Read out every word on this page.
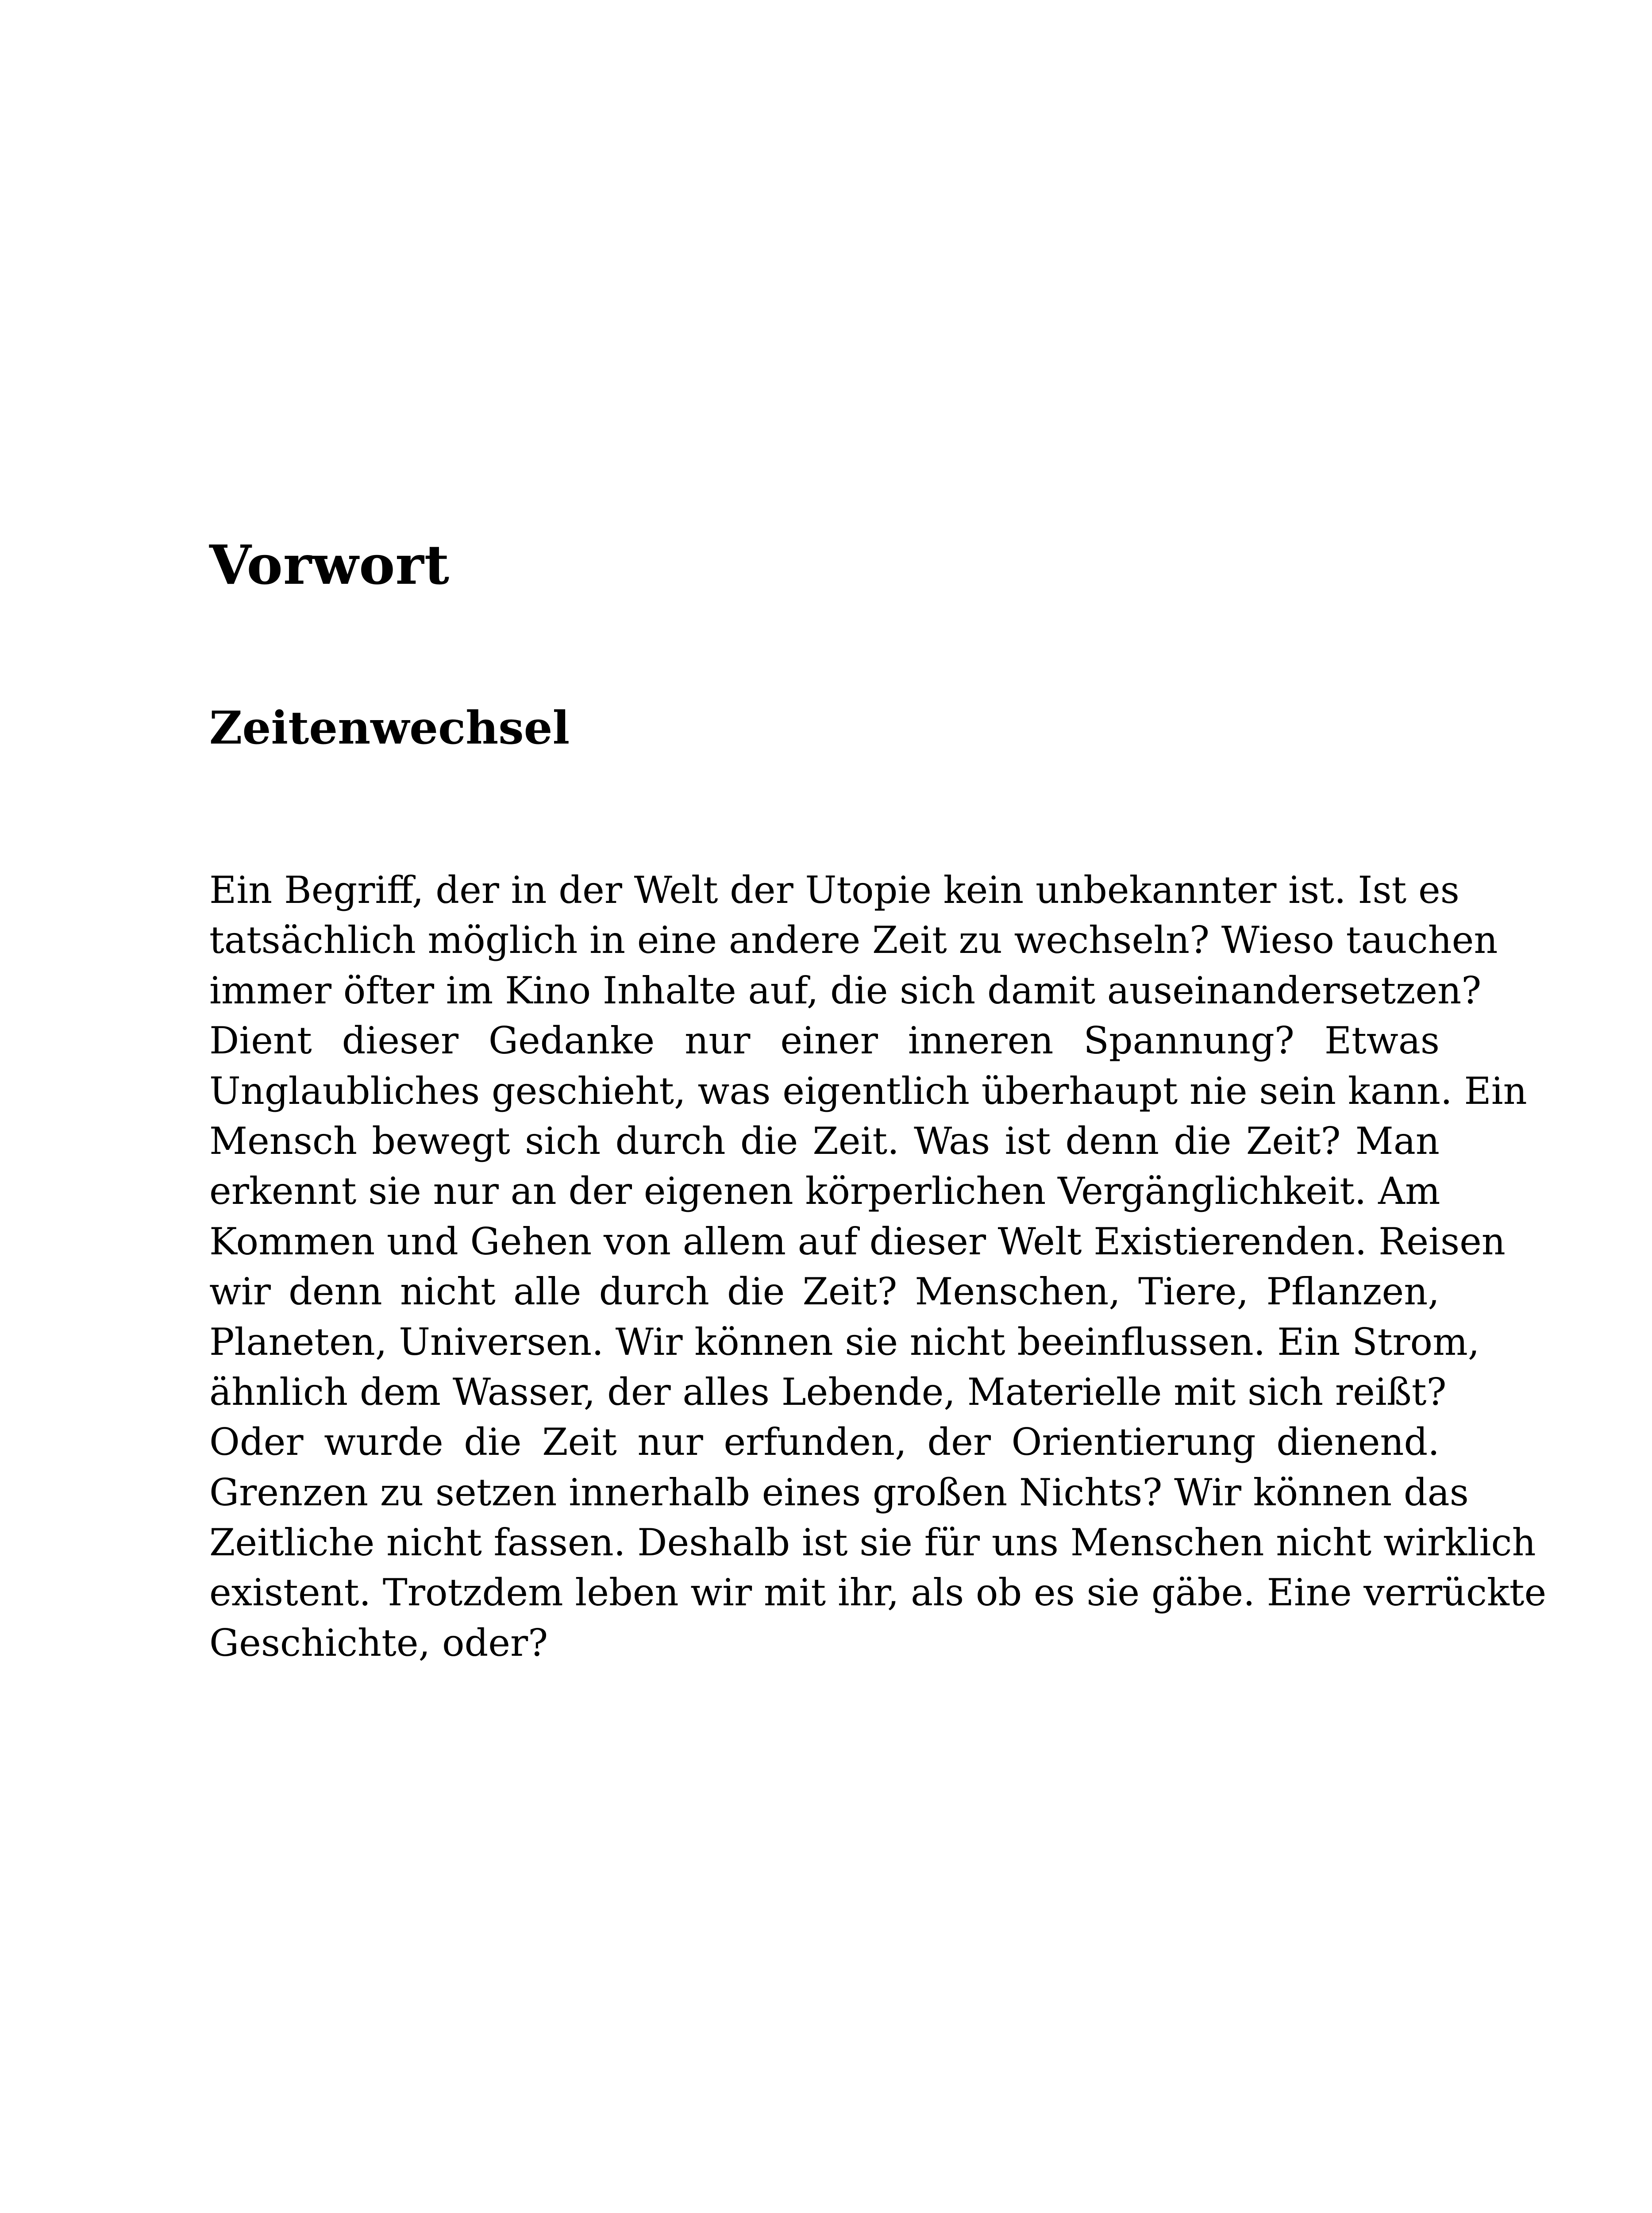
Vorwort
Zeitenwechsel
Ein Begriff, der in der Welt der Utopie kein unbekannter ist. Ist es
tatsächlich möglich in eine andere Zeit zu wechseln? Wieso tauchen
immer öfter im Kino Inhalte auf, die sich damit auseinandersetzen?
Dient dieser Gedanke nur einer inneren Spannung? Etwas
Unglaubliches geschieht, was eigentlich überhaupt nie sein kann. Ein
Mensch bewegt sich durch die Zeit. Was ist denn die Zeit? Man
erkennt sie nur an der eigenen körperlichen Vergänglichkeit. Am
Kommen und Gehen von allem auf dieser Welt Existierenden. Reisen
wir denn nicht alle durch die Zeit? Menschen, Tiere, Pflanzen,
Planeten, Universen. Wir können sie nicht beeinflussen. Ein Strom,
ähnlich dem Wasser, der alles Lebende, Materielle mit sich reißt?
Oder wurde die Zeit nur erfunden, der Orientierung dienend.
Grenzen zu setzen innerhalb eines großen Nichts? Wir können das
Zeitliche nicht fassen. Deshalb ist sie für uns Menschen nicht wirklich
existent. Trotzdem leben wir mit ihr, als ob es sie gäbe. Eine verrückte
Geschichte, oder?
